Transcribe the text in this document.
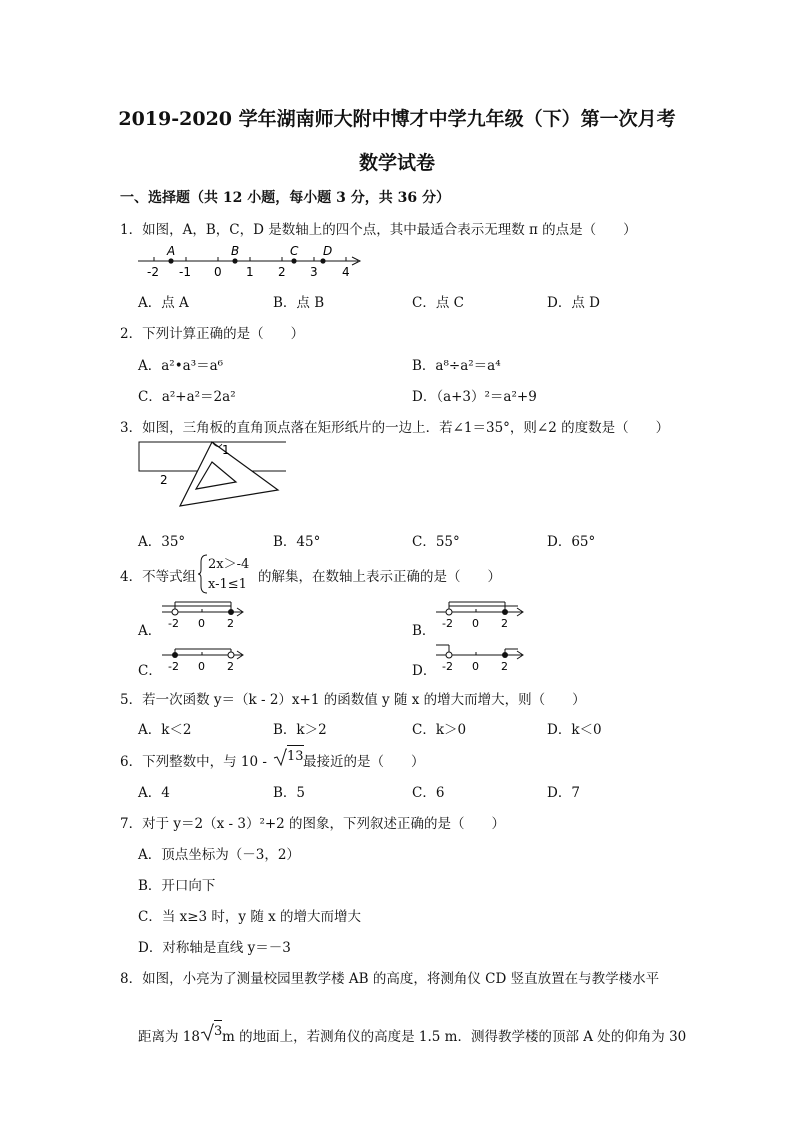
2019-2020 学年湖南师大附中博才中学九年级（下）第一次月考
数学试卷
一、选择题（共 12 小题，每小题 3 分，共 36 分）
1．如图，A，B，C，D 是数轴上的四个点，其中最适合表示无理数 π 的点是（　　）
A	B	C D
-2 -1 0 1 2 3 4
A．点 A	B．点 B	C．点 C	D．点 D
2．下列计算正确的是（　　）
A．a²•a³＝a⁶	B．a⁸÷a²＝a⁴
C．a²+a²＝2a²	D．（a+3）²＝a²+9
3．如图，三角板的直角顶点落在矩形纸片的一边上．若∠1＝35°，则∠2 的度数是（　　）
1
2
A．35°	B．45°	C．55°	D．65°
4．不等式组
2x＞-4
x-1≤1 的解集，在数轴上表示正确的是（　　）
A． -2 0 2	B． -2 0 2
C． -2 0 2	D． -2 0 2
5．若一次函数 y＝（k - 2）x+1 的函数值 y 随 x 的增大而增大，则（　　）
A．k＜2	B．k＞2	C．k＞0	D．k＜0
6．下列整数中，与 10 - 13 最接近的是（　　）
A．4	B．5	C．6	D．7
7．对于 y＝2（x - 3）²+2 的图象，下列叙述正确的是（　　）
A．顶点坐标为（－3，2）
B．开口向下
C．当 x≥3 时，y 随 x 的增大而增大
D．对称轴是直线 y＝－3
8．如图，小亮为了测量校园里教学楼 AB 的高度，将测角仪 CD 竖直放置在与教学楼水平
距离为 18 3 m 的地面上，若测角仪的高度是 1.5 m．测得教学楼的顶部 A 处的仰角为 30
